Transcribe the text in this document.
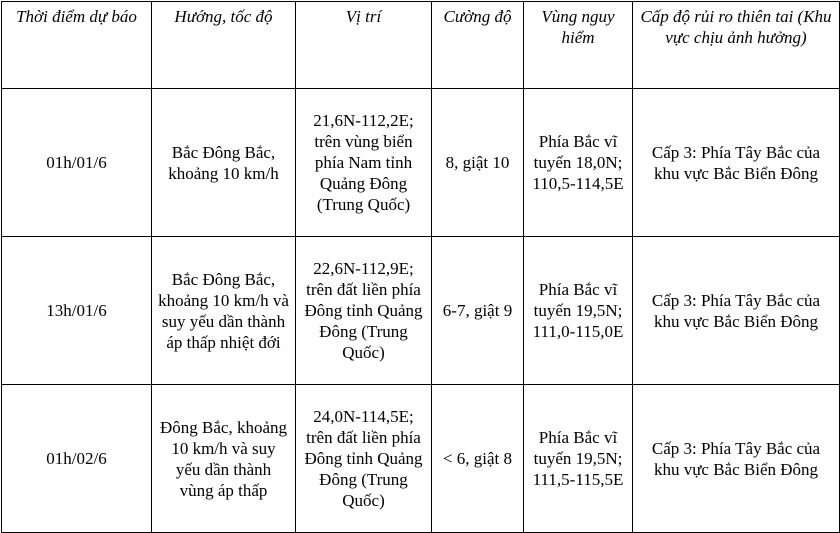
Thời điểm dự báo	Hướng, tốc độ	Vị trí	Cường độ	Vùng nguy hiểm	Cấp độ rủi ro thiên tai (Khu vực chịu ảnh hưởng)
01h/01/6	Bắc Đông Bắc, khoảng 10 km/h	21,6N-112,2E; trên vùng biển phía Nam tỉnh Quảng Đông (Trung Quốc)	8, giật 10	Phía Bắc vĩ tuyến 18,0N; 110,5-114,5E	Cấp 3: Phía Tây Bắc của khu vực Bắc Biển Đông
13h/01/6	Bắc Đông Bắc, khoảng 10 km/h và suy yếu dần thành áp thấp nhiệt đới	22,6N-112,9E; trên đất liền phía Đông tỉnh Quảng Đông (Trung Quốc)	6-7, giật 9	Phía Bắc vĩ tuyến 19,5N; 111,0-115,0E	Cấp 3: Phía Tây Bắc của khu vực Bắc Biển Đông
01h/02/6	Đông Bắc, khoảng 10 km/h và suy yếu dần thành vùng áp thấp	24,0N-114,5E; trên đất liền phía Đông tỉnh Quảng Đông (Trung Quốc)	< 6, giật 8	Phía Bắc vĩ tuyến 19,5N; 111,5-115,5E	Cấp 3: Phía Tây Bắc của khu vực Bắc Biển Đông
